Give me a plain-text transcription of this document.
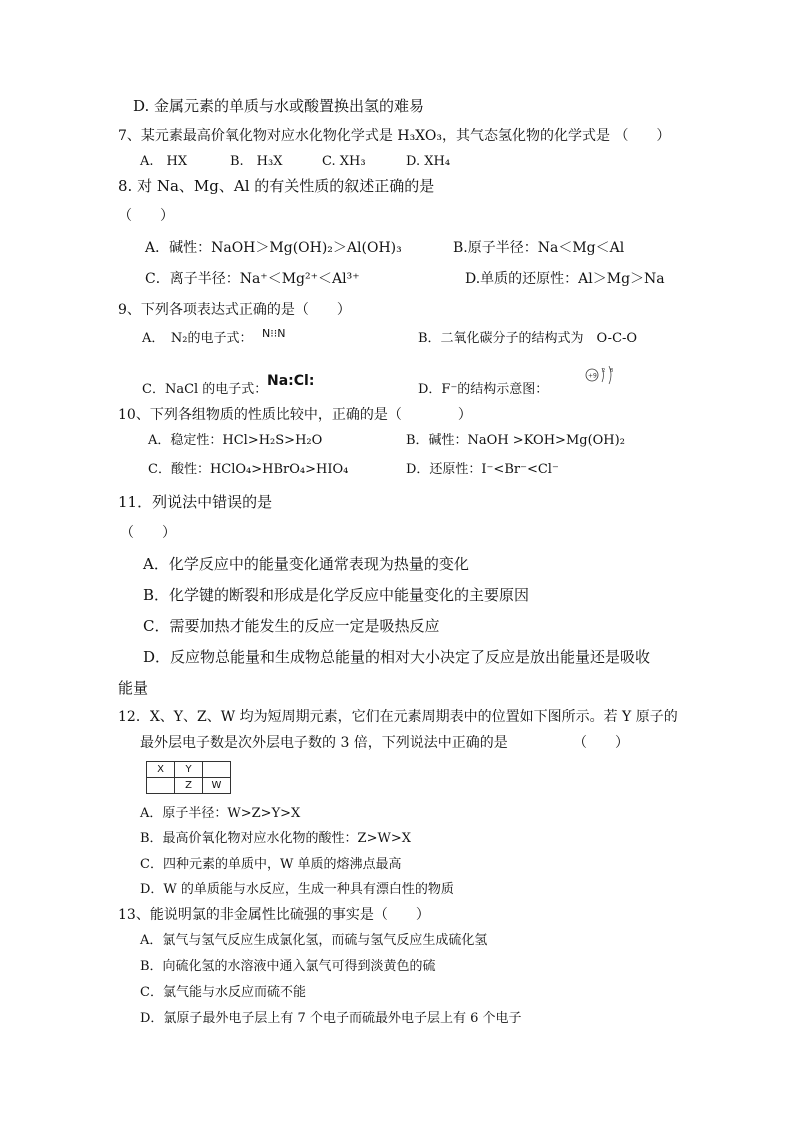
D. 金属元素的单质与水或酸置换出氢的难易
7、某元素最高价氧化物对应水化物化学式是 H₃XO₃，其气态氢化物的化学式是 （　　）
A.　HX	B.　H₃X	C. XH₃	D. XH₄
8. 对 Na、Mg、Al 的有关性质的叙述正确的是
（　　）
A．碱性：NaOH＞Mg(OH)₂＞Al(OH)₃	B.原子半径：Na＜Mg＜Al
C．离子半径：Na⁺＜Mg²⁺＜Al³⁺	D.单质的还原性：Al＞Mg＞Na
9、下列各项表达式正确的是（　　）
A．　N₂的电子式： N⁝⁝N	B．二氧化碳分子的结构式为　O-C-O
C．NaCl 的电子式：
Na:Cl:
D．F⁻的结构示意图：
+9
2 8
10、下列各组物质的性质比较中，正确的是（　　　　）
A．稳定性：HCl>H₂S>H₂O	B．碱性：NaOH >KOH>Mg(OH)₂
C．酸性：HClO₄>HBrO₄>HIO₄	D．还原性：I⁻<Br⁻<Cl⁻
11．列说法中错误的是
（　　）
A．化学反应中的能量变化通常表现为热量的变化
B．化学键的断裂和形成是化学反应中能量变化的主要原因
C．需要加热才能发生的反应一定是吸热反应
D．反应物总能量和生成物总能量的相对大小决定了反应是放出能量还是吸收
能量
12．X、Y、Z、W 均为短周期元素，它们在元素周期表中的位置如下图所示。若 Y 原子的
最外层电子数是次外层电子数的 3 倍，下列说法中正确的是	（　　）
X	Y	
	Z	W
A．原子半径：W>Z>Y>X
B．最高价氧化物对应水化物的酸性：Z>W>X
C．四种元素的单质中，W 单质的熔沸点最高
D．W 的单质能与水反应，生成一种具有漂白性的物质
13、能说明氯的非金属性比硫强的事实是（　　）
A．氯气与氢气反应生成氯化氢，而硫与氢气反应生成硫化氢
B．向硫化氢的水溶液中通入氯气可得到淡黄色的硫
C．氯气能与水反应而硫不能
D．氯原子最外电子层上有 7 个电子而硫最外电子层上有 6 个电子
